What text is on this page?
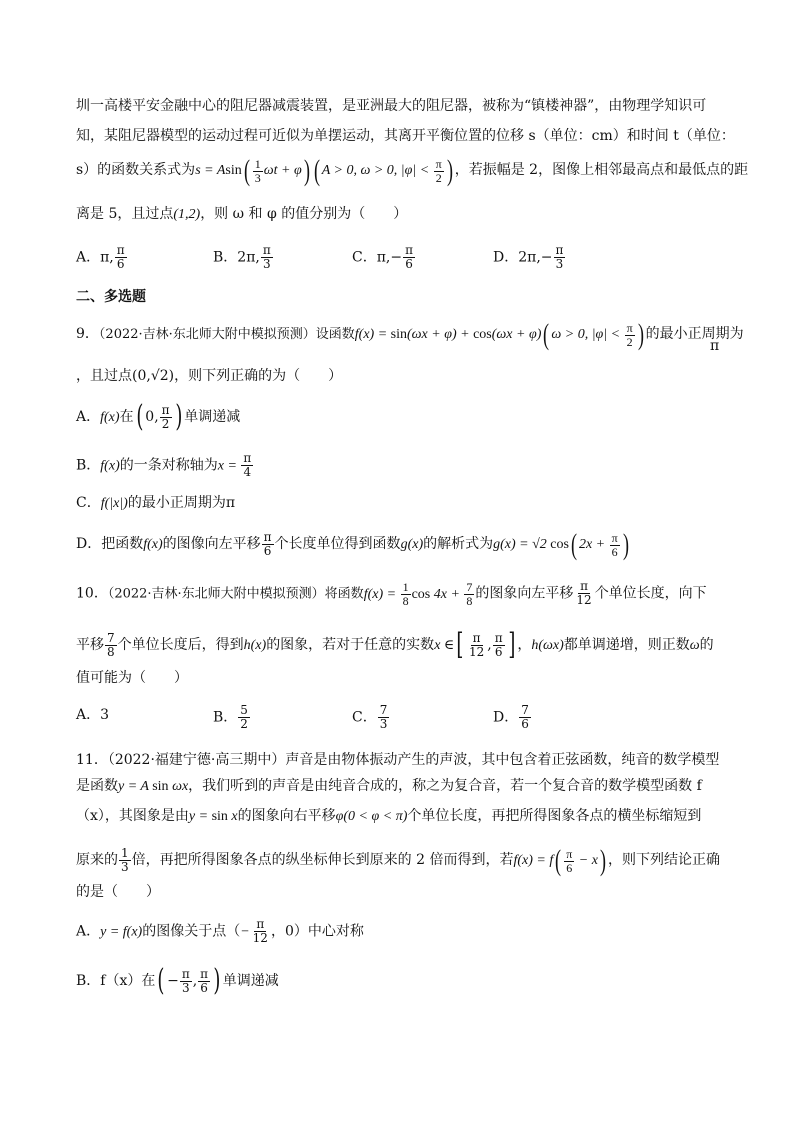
圳一高楼平安金融中心的阻尼器减震装置，是亚洲最大的阻尼器，被称为“镇楼神器”，由物理学知识可
知，某阻尼器模型的运动过程可近似为单摆运动，其离开平衡位置的位移 s（单位：cm）和时间 t（单位：
s）的函数关系式为$s = Asin( \frac{1}{3}$ ωt + φ) ( A > 0, ω > 0, $|\varphi| < \frac{\pi}{2}$ ) ，若振幅是 2，图像上相邻最高点和最低点的距
离是 5，且过点(1,2)，则 ω 和 φ 的值分别为（　　）
A．π, $\frac{\pi}{6}$	B．2π, $\frac{\pi}{3}$	C．$\pi,- \frac{\pi}{6}$	D．$2\pi,- \frac{\pi}{3}$
二、多选题
9．（2022·吉林·东北师大附中模拟预测）设函数f(x) = sin(ωx + φ) + cos(ωx + φ)( ω > 0, $|\varphi| < \frac{\pi}{2}$ ) 的最小正周期为
π
，且过点(0,√2)，则下列正确的为（　　）
A．f(x)在( 0, $\frac{\pi}{2}$ ) 单调递减
B．f(x)的一条对称轴为$x = \frac{\pi}{4}$
C．f(|x|)的最小正周期为π
D．把函数f(x)的图像向左平移 $\frac{\pi}{6}$ 个长度单位得到函数g(x)的解析式为g(x) = √2 cos( $2x + \frac{\pi}{6}$ )
10．（2022·吉林·东北师大附中模拟预测）将函数$f(x) = \frac{1}{8}$ $\cos 4x + \frac{7}{8}$ 的图象向左平移 $\frac{\pi}{12}$ 个单位长度，向下
平移 $\frac{7}{8}$ 个单位长度后，得到h(x)的图象，若对于任意的实数x ∈[ $\frac{\pi}{12}$ , $\frac{\pi}{6}$ ] ，h(ωx)都单调递增，则正数ω的
值可能为（　　）
A．3	B． $\frac{5}{2}$	C． $\frac{7}{3}$	D． $\frac{7}{6}$
11．（2022·福建宁德·高三期中）声音是由物体振动产生的声波，其中包含着正弦函数，纯音的数学模型
是函数y = A sin ωx，我们听到的声音是由纯音合成的，称之为复合音，若一个复合音的数学模型函数 f
（x），其图象是由y = sin x的图象向右平移φ(0 < φ < π)个单位长度，再把所得图象各点的横坐标缩短到
原来的 $\frac{1}{3}$ 倍，再把所得图象各点的纵坐标伸长到原来的 2 倍而得到，若$f(x) = f( \frac{\pi}{6} - x)$ ，则下列结论正确
的是（　　）
A．y = f(x)的图像关于点（− $\frac{\pi}{12}$ ，0）中心对称
B．f（x）在( − $\frac{\pi}{3}$ , $\frac{\pi}{6}$ ) 单调递减
